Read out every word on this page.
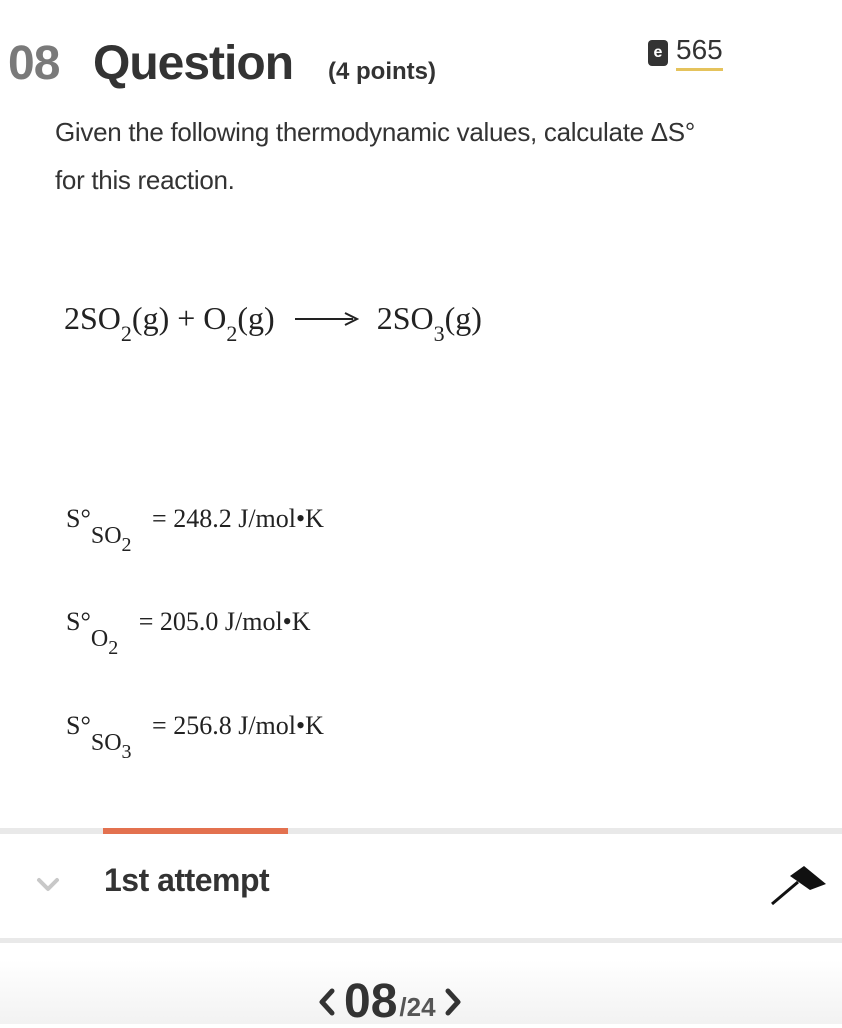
08 Question (4 points)
e 565
Given the following thermodynamic values, calculate ΔS°
for this reaction.
$2SO_2(g) + O_2(g) \to 2SO_3(g)$
$S^\circ SO_2 = 248.2$ J/mol•K
$S^\circ O_2 = 205.0$ J/mol•K
$S^\circ SO_3 = 256.8$ J/mol•K
1st attempt
08 /24
